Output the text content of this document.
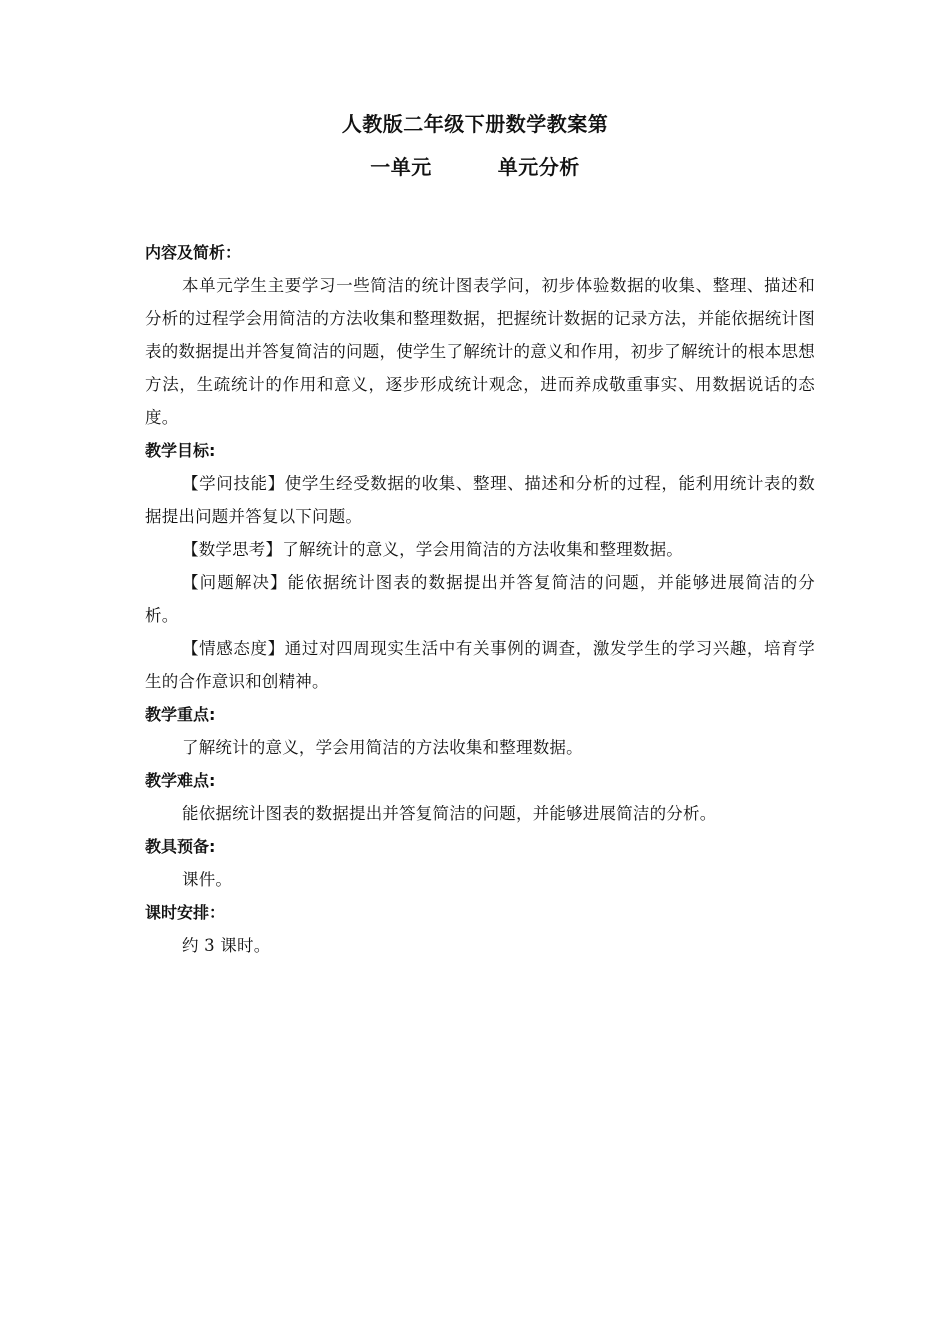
人教版二年级下册数学教案第
一单元	单元分析
内容及简析：
本单元学生主要学习一些简洁的统计图表学问，初步体验数据的收集、整理、描述和分析的过程学会用简洁的方法收集和整理数据，把握统计数据的记录方法，并能依据统计图表的数据提出并答复简洁的问题，使学生了解统计的意义和作用，初步了解统计的根本思想方法，生疏统计的作用和意义，逐步形成统计观念，进而养成敬重事实、用数据说话的态度。
教学目标:
【学问技能】使学生经受数据的收集、整理、描述和分析的过程，能利用统计表的数据提出问题并答复以下问题。
【数学思考】了解统计的意义，学会用简洁的方法收集和整理数据。
【问题解决】能依据统计图表的数据提出并答复简洁的问题，并能够进展简洁的分析。
【情感态度】通过对四周现实生活中有关事例的调查，激发学生的学习兴趣，培育学生的合作意识和创精神。
教学重点:
了解统计的意义，学会用简洁的方法收集和整理数据。
教学难点:
能依据统计图表的数据提出并答复简洁的问题，并能够进展简洁的分析。
教具预备:
课件。
课时安排：
约 3 课时。
